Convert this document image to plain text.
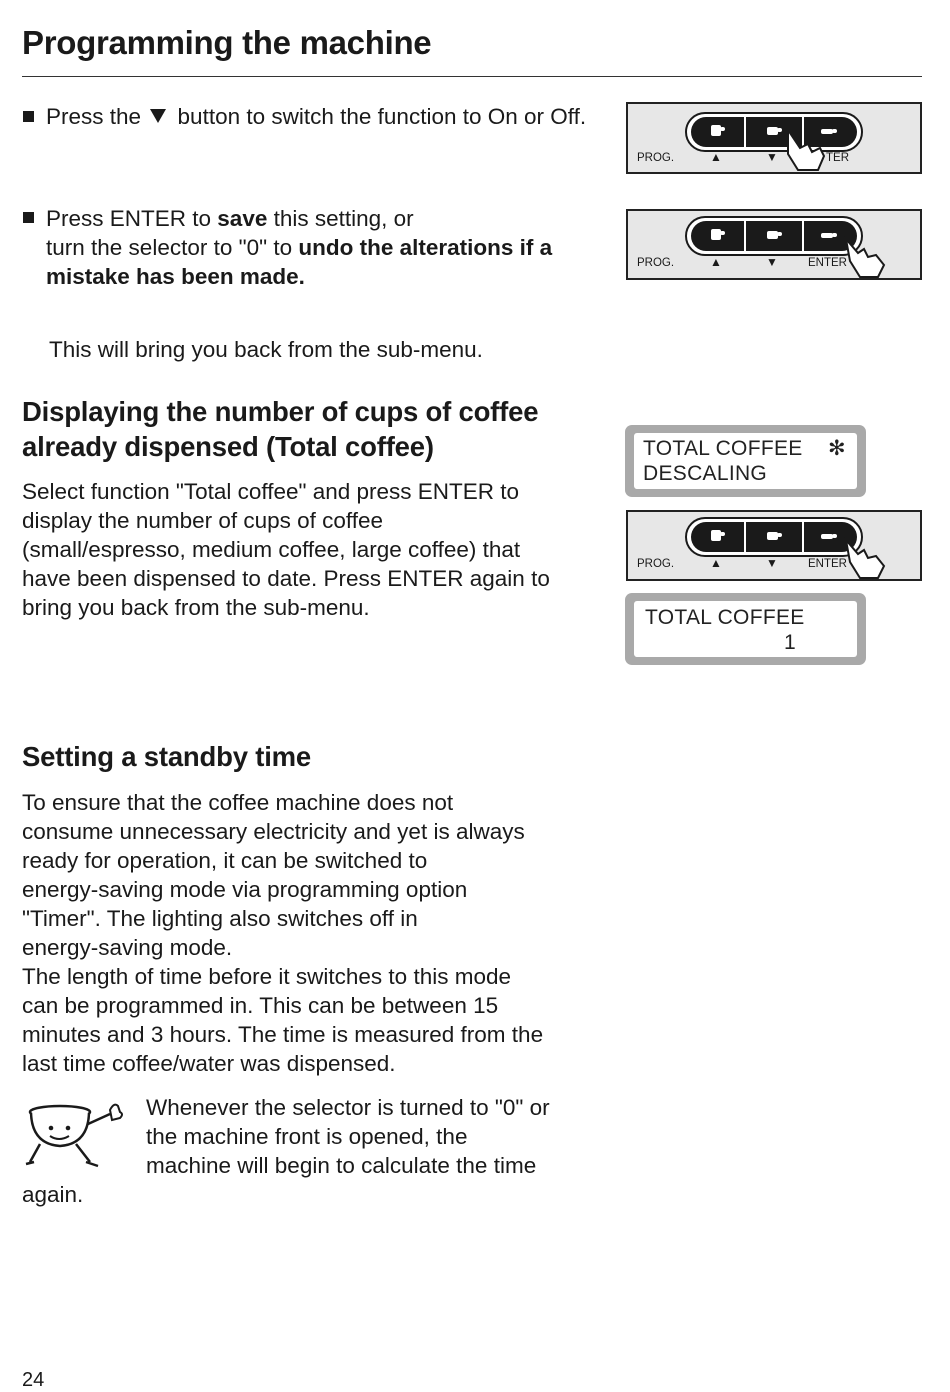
Programming the machine
Press the  button to switch the function to On or Off.
Press ENTER to save this setting, or
turn the selector to "0" to undo the alterations if a
mistake has been made.
This will bring you back from the sub-menu.
Displaying the number of cups of coffee
already dispensed (Total coffee)
Select function "Total coffee" and press ENTER to
display the number of cups of coffee
(small/espresso, medium coffee, large coffee) that
have been dispensed to date. Press ENTER again to
bring you back from the sub-menu.
Setting a standby time
To ensure that the coffee machine does not
consume unnecessary electricity and yet is always
ready for operation, it can be switched to
energy-saving mode via programming option
"Timer". The lighting also switches off in
energy-saving mode.
The length of time before it switches to this mode
can be programmed in. This can be between 15
minutes and 3 hours. The time is measured from the
last time coffee/water was dispensed.
Whenever the selector is turned to "0" or
the machine front is opened, the
machine will begin to calculate the time
again.
PROG.	▲	▼	TER
PROG.	▲	▼	ENTER
TOTAL COFFEE ✻
DESCALING
PROG.	▲	▼	ENTER
TOTAL COFFEE
1
24
